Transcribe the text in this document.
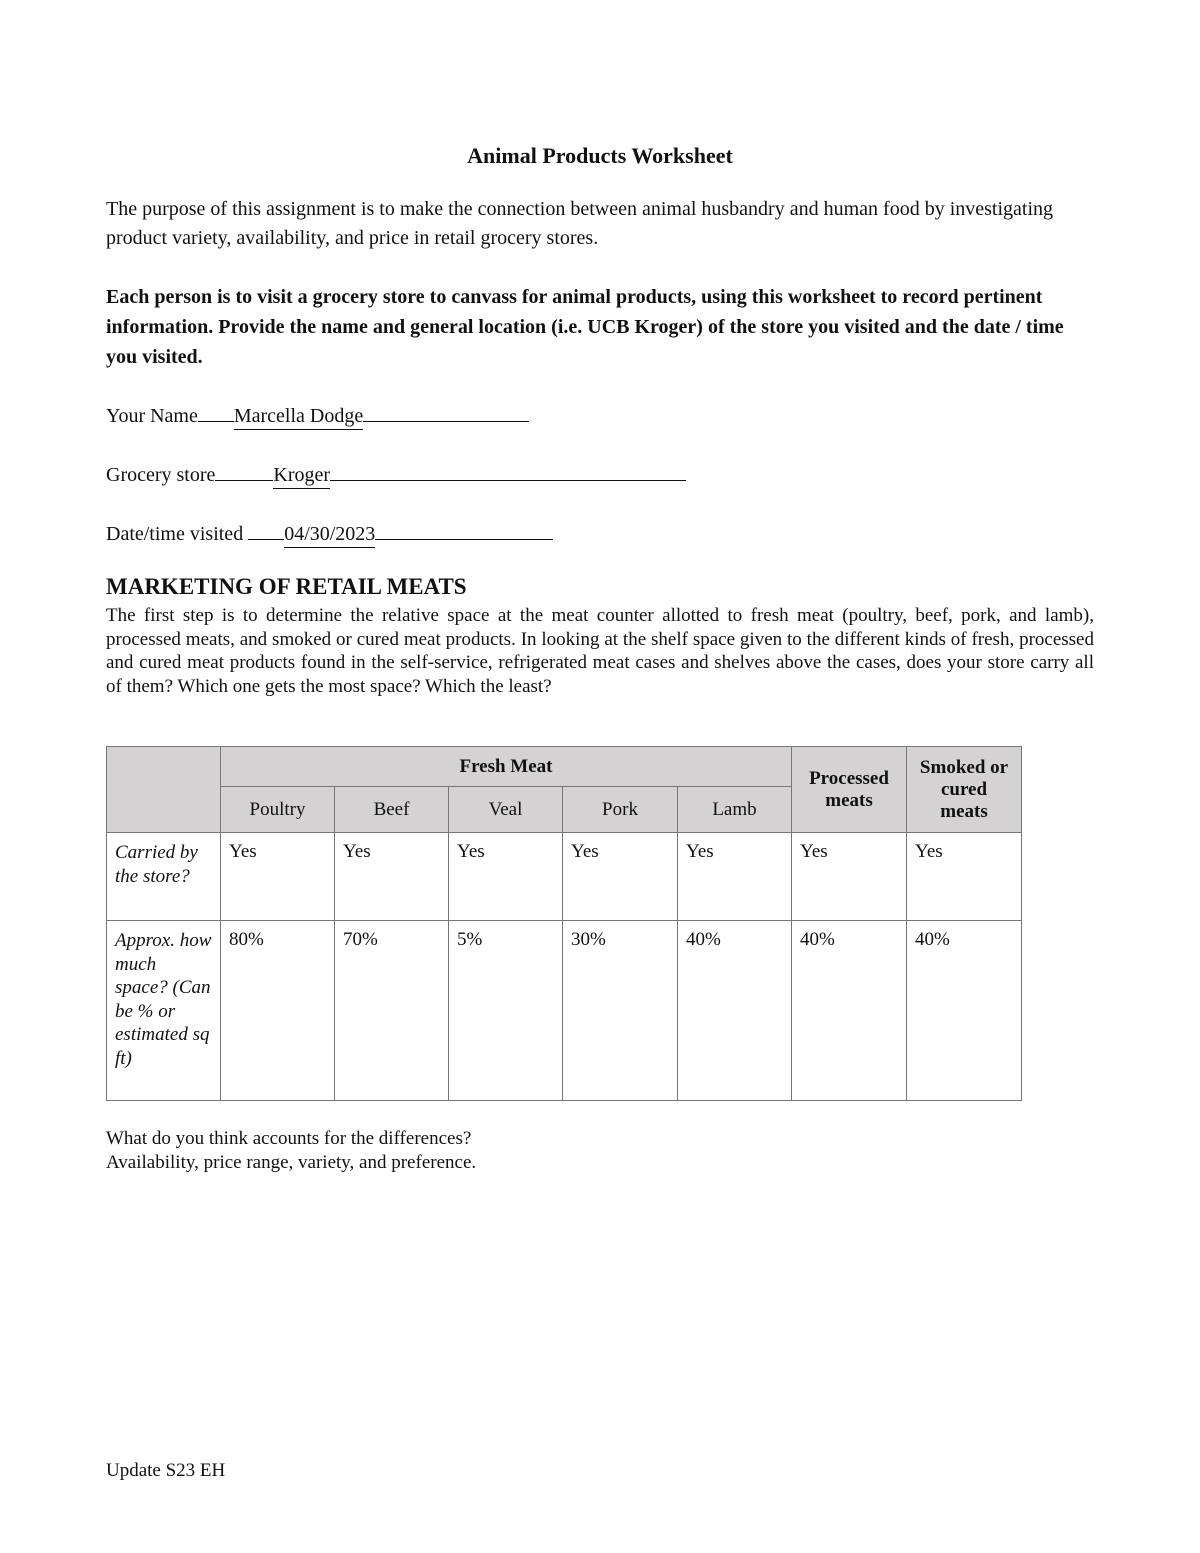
Animal Products Worksheet

The purpose of this assignment is to make the connection between animal husbandry and human food by investigating product variety, availability, and price in retail grocery stores.

Each person is to visit a grocery store to canvass for animal products, using this worksheet to record pertinent information. Provide the name and general location (i.e. UCB Kroger) of the store you visited and the date / time you visited.

Your Name Marcella Dodge
Grocery store	Kroger
Date/time visited 04/30/2023
MARKETING OF RETAIL MEATS

The first step is to determine the relative space at the meat counter allotted to fresh meat (poultry, beef, pork, and lamb), processed meats, and smoked or cured meat products. In looking at the shelf space given to the different kinds of fresh, processed and cured meat products found in the self-service, refrigerated meat cases and shelves above the cases, does your store carry all of them? Which one gets the most space? Which the least?

	Fresh Meat					Processed meats	Smoked or cured meats
	Poultry	Beef	Veal	Pork	Lamb		
Carried by the store?	Yes	Yes	Yes	Yes	Yes	Yes	Yes
Approx. how much space? (Can be % or estimated sq ft)	80%	70%	5%	30%	40%	40%	40%
What do you think accounts for the differences?
Availability, price range, variety, and preference.

Update S23 EH
